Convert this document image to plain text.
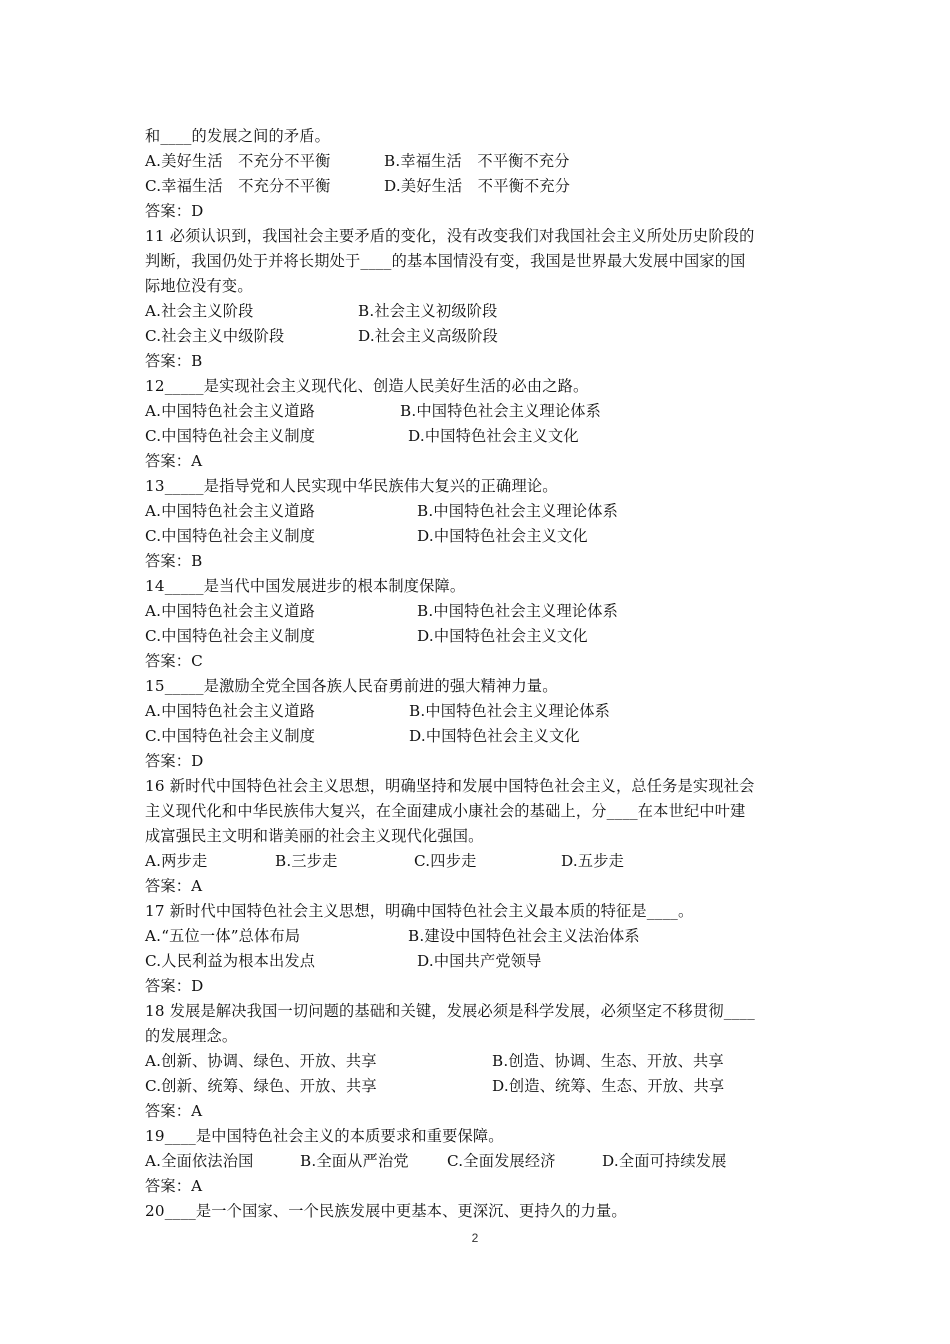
和____的发展之间的矛盾。
A.美好生活　不充分不平衡	B.幸福生活　不平衡不充分
C.幸福生活　不充分不平衡	D.美好生活　不平衡不充分
答案：D
11 必须认识到，我国社会主要矛盾的变化，没有改变我们对我国社会主义所处历史阶段的
判断，我国仍处于并将长期处于____的基本国情没有变，我国是世界最大发展中国家的国
际地位没有变。
A.社会主义阶段	B.社会主义初级阶段
C.社会主义中级阶段	D.社会主义高级阶段
答案：B
12_____是实现社会主义现代化、创造人民美好生活的必由之路。
A.中国特色社会主义道路	B.中国特色社会主义理论体系
C.中国特色社会主义制度	D.中国特色社会主义文化
答案：A
13_____是指导党和人民实现中华民族伟大复兴的正确理论。
A.中国特色社会主义道路	B.中国特色社会主义理论体系
C.中国特色社会主义制度	D.中国特色社会主义文化
答案：B
14_____是当代中国发展进步的根本制度保障。
A.中国特色社会主义道路	B.中国特色社会主义理论体系
C.中国特色社会主义制度	D.中国特色社会主义文化
答案：C
15_____是激励全党全国各族人民奋勇前进的强大精神力量。
A.中国特色社会主义道路	B.中国特色社会主义理论体系
C.中国特色社会主义制度	D.中国特色社会主义文化
答案：D
16 新时代中国特色社会主义思想，明确坚持和发展中国特色社会主义，总任务是实现社会
主义现代化和中华民族伟大复兴，在全面建成小康社会的基础上，分____在本世纪中叶建
成富强民主文明和谐美丽的社会主义现代化强国。
A.两步走	B.三步走	C.四步走	D.五步走
答案：A
17 新时代中国特色社会主义思想，明确中国特色社会主义最本质的特征是____。
A.“五位一体”总体布局	B.建设中国特色社会主义法治体系
C.人民利益为根本出发点	D.中国共产党领导
答案：D
18 发展是解决我国一切问题的基础和关键，发展必须是科学发展，必须坚定不移贯彻____
的发展理念。
A.创新、协调、绿色、开放、共享	B.创造、协调、生态、开放、共享
C.创新、统筹、绿色、开放、共享	D.创造、统筹、生态、开放、共享
答案：A
19____是中国特色社会主义的本质要求和重要保障。
A.全面依法治国	B.全面从严治党	C.全面发展经济	D.全面可持续发展
答案：A
20____是一个国家、一个民族发展中更基本、更深沉、更持久的力量。
2
